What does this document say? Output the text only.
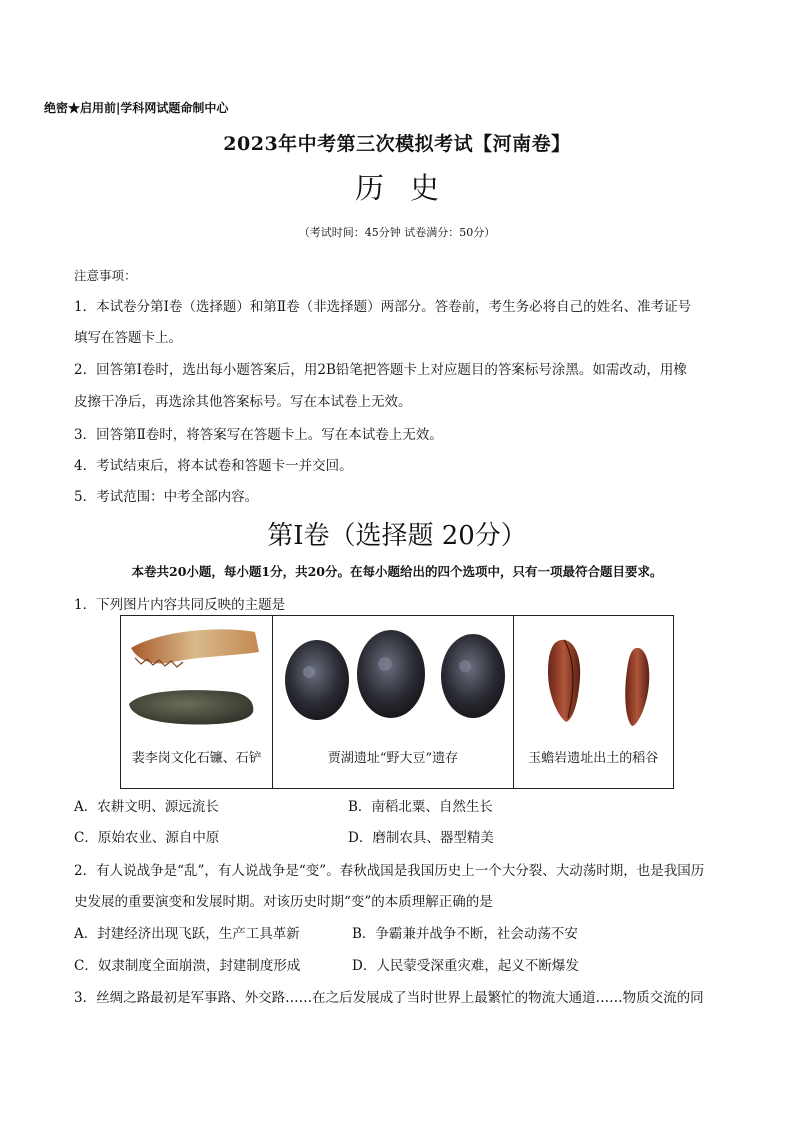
绝密★启用前|学科网试题命制中心
2023年中考第三次模拟考试【河南卷】
历史
（考试时间：45分钟 试卷满分：50分）
注意事项：
1．本试卷分第Ⅰ卷（选择题）和第Ⅱ卷（非选择题）两部分。答卷前，考生务必将自己的姓名、准考证号
填写在答题卡上。
2．回答第Ⅰ卷时，选出每小题答案后，用2B铅笔把答题卡上对应题目的答案标号涂黑。如需改动，用橡
皮擦干净后，再选涂其他答案标号。写在本试卷上无效。
3．回答第Ⅱ卷时，将答案写在答题卡上。写在本试卷上无效。
4．考试结束后，将本试卷和答题卡一并交回。
5．考试范围：中考全部内容。
第Ⅰ卷（选择题 20分）
本卷共20小题，每小题1分，共20分。在每小题给出的四个选项中，只有一项最符合题目要求。
1．下列图片内容共同反映的主题是
裴李岗文化石镰、石铲	贾湖遗址“野大豆”遗存	玉蟾岩遗址出土的稻谷
A．农耕文明、源远流长	B．南稻北粟、自然生长
C．原始农业、源自中原	D．磨制农具、器型精美
2．有人说战争是“乱”，有人说战争是“变”。春秋战国是我国历史上一个大分裂、大动荡时期，也是我国历
史发展的重要演变和发展时期。对该历史时期“变”的本质理解正确的是
A．封建经济出现飞跃，生产工具革新	B．争霸兼并战争不断，社会动荡不安
C．奴隶制度全面崩溃，封建制度形成	D．人民蒙受深重灾难，起义不断爆发
3．丝绸之路最初是军事路、外交路……在之后发展成了当时世界上最繁忙的物流大通道……物质交流的同
